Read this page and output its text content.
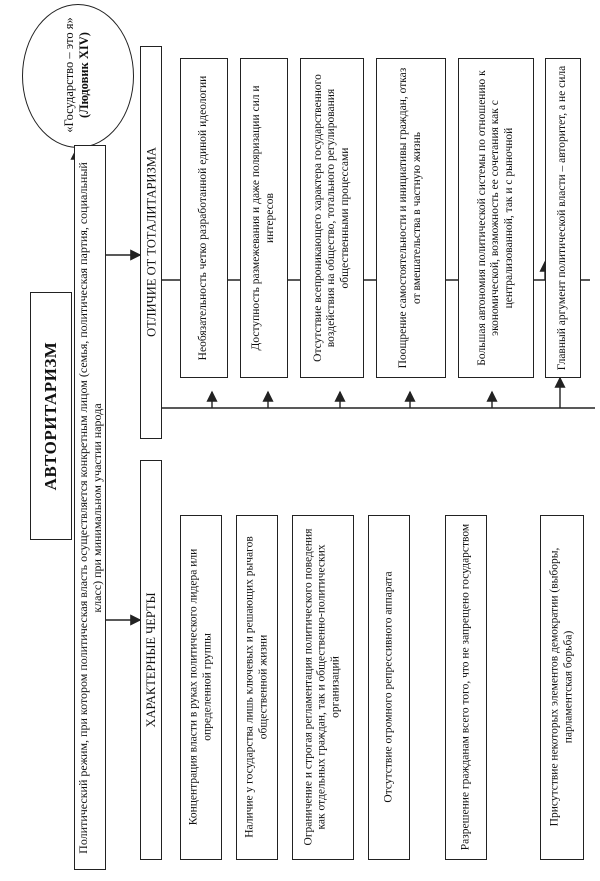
«Государство – это я» (Людовик XIV)
АВТОРИТАРИЗМ	Политический режим, при котором политическая власть осуществляется конкретным лицом (семья, политическая партия, социальный класс) при минимальном участии народа
ХАРАКТЕРНЫЕ ЧЕРТЫ
ОТЛИЧИЕ ОТ ТОТАЛИТАРИЗМА
Концентрация власти в руках политического лидера или определенной группы	Наличие у государства лишь ключевых и решающих рычагов общественной жизни	Ограничение и строгая регламентация политического поведения как отдельных граждан, так и общественно-политических организаций	Отсутствие огромного репрессивного аппарата	Разрешение гражданам всего того, что не запрещено государством	Присутствие некоторых элементов демократии (выборы, парламентская борьба)
Необязательность четко разработанной единой идеологии	Доступность размежевания и даже поляризации сил и интересов	Отсутствие всепроникающего характера государственного воздействия на общество, тотального регулирования общественными процессами	Поощрение самостоятельности и инициативы граждан, отказ от вмешательства в частную жизнь	Большая автономия политической системы по отношению к экономической, возможность ее сочетания как с централизованной, так и с рыночной	Главный аргумент политической власти – авторитет, а не сила
